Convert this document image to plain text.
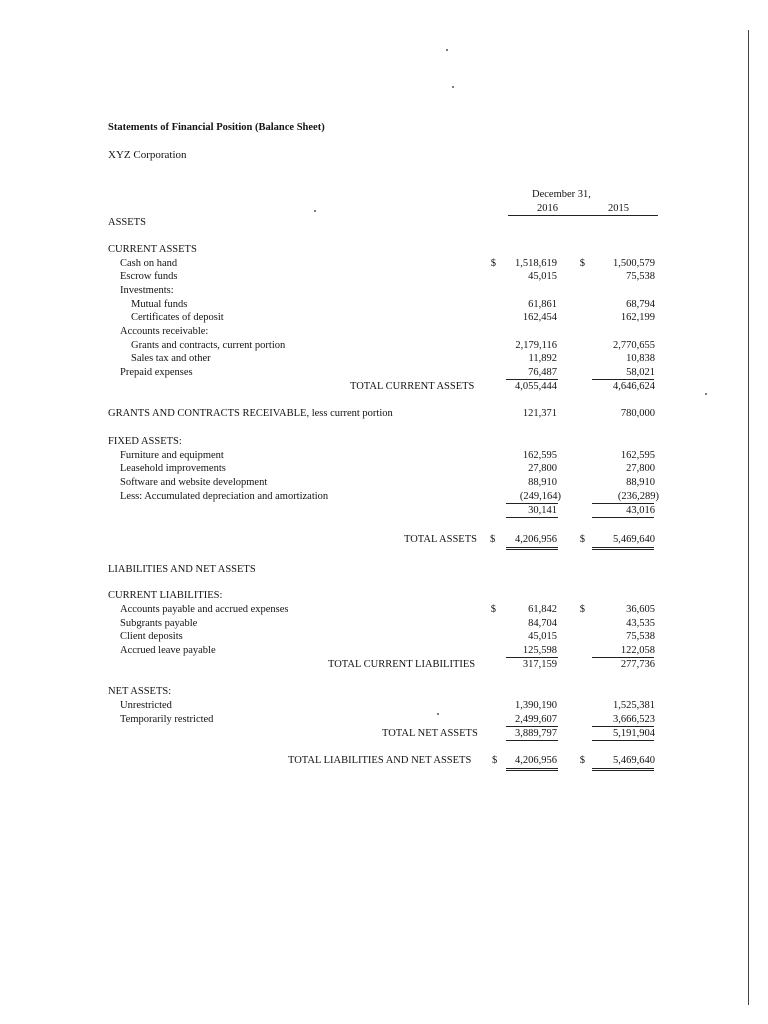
Statements of Financial Position (Balance Sheet)
XYZ Corporation
December 31,
2016	2015
ASSETS
CURRENT ASSETS
Cash on hand	$ 1,518,619	$	1,500,579
Escrow funds	45,015	75,538
Investments:
Mutual funds	61,861	68,794
Certificates of deposit	162,454	162,199
Accounts receivable:
Grants and contracts, current portion	2,179,116	2,770,655
Sales tax and other	11,892	10,838
Prepaid expenses	76,487	58,021
TOTAL CURRENT ASSETS	4,055,444	4,646,624
GRANTS AND CONTRACTS RECEIVABLE, less current portion	121,371	780,000
FIXED ASSETS:
Furniture and equipment	162,595	162,595
Leasehold improvements	27,800	27,800
Software and website development	88,910	88,910
Less: Accumulated depreciation and amortization	(249,164)	(236,289)
30,141	43,016
TOTAL ASSETS $ 4,206,956	$	5,469,640
LIABILITIES AND NET ASSETS
CURRENT LIABILITIES:
Accounts payable and accrued expenses	$	61,842	$	36,605
Subgrants payable	84,704	43,535
Client deposits	45,015	75,538
Accrued leave payable	125,598	122,058
TOTAL CURRENT LIABILITIES	317,159	277,736
NET ASSETS:
Unrestricted	1,390,190	1,525,381
Temporarily restricted	2,499,607	3,666,523
TOTAL NET ASSETS	3,889,797	5,191,904
TOTAL LIABILITIES AND NET ASSETS $ 4,206,956	$	5,469,640
